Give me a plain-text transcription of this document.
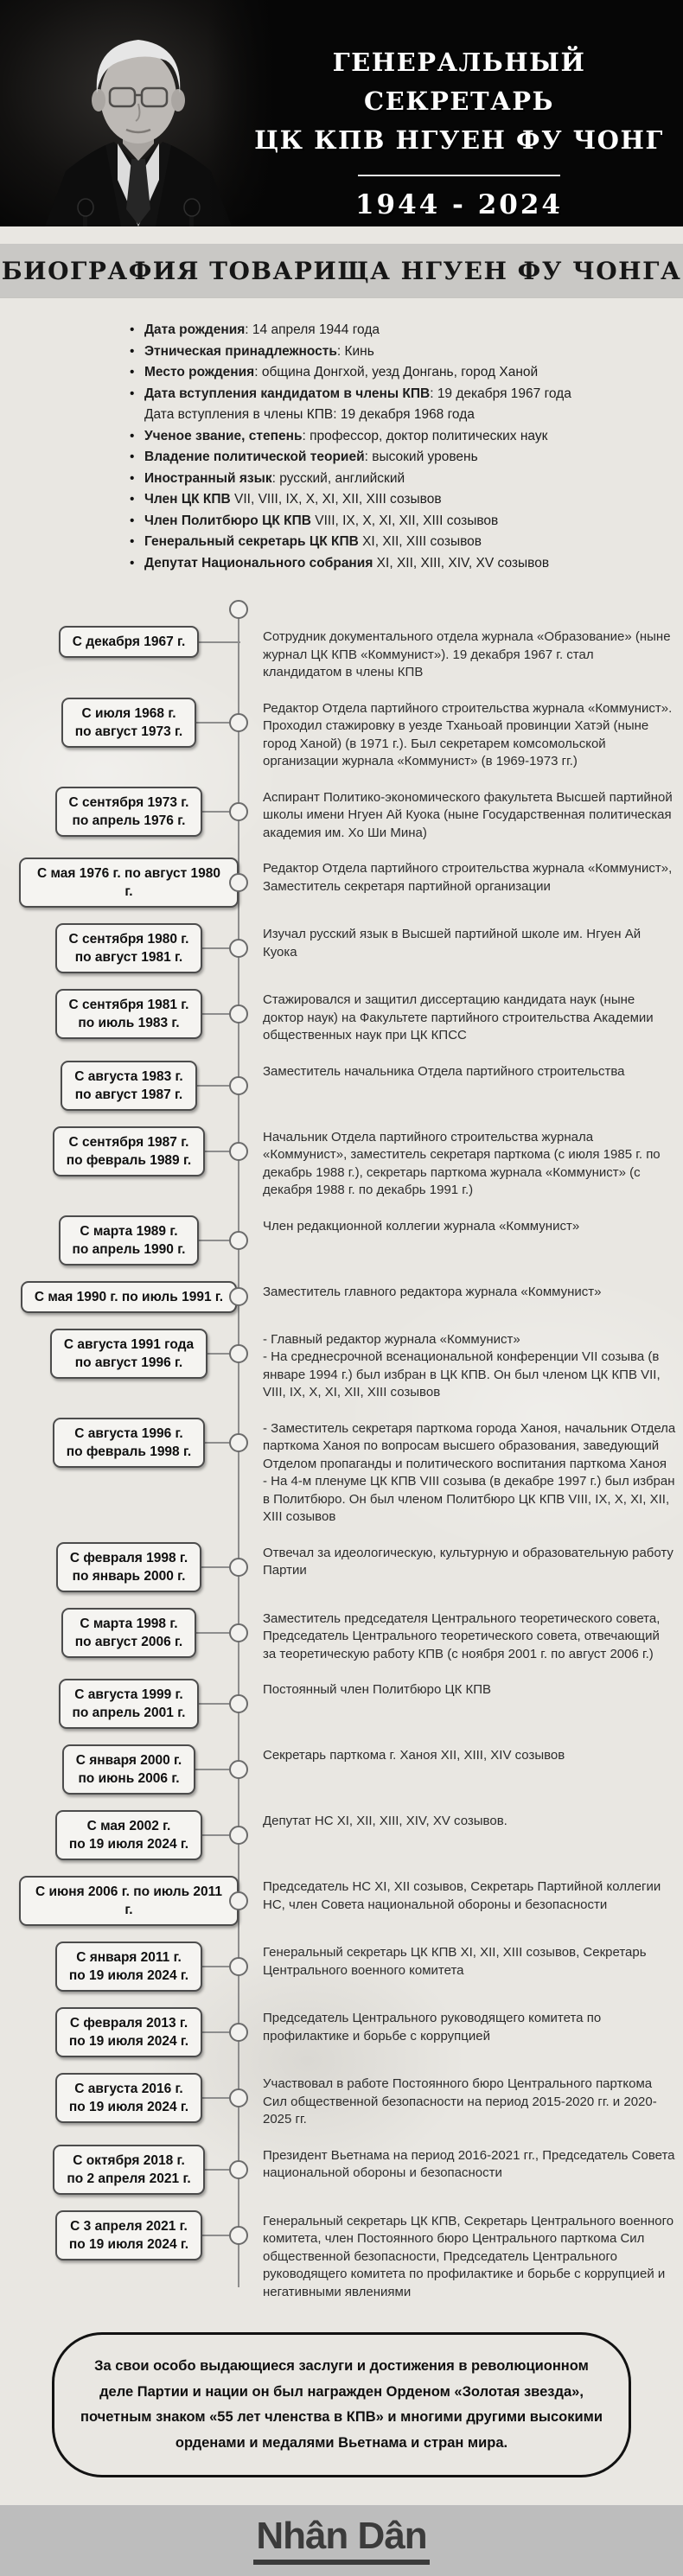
ГЕНЕРАЛЬНЫЙ СЕКРЕТАРЬ
ЦК КПВ НГУЕН ФУ ЧОНГ
1944 - 2024
БИОГРАФИЯ ТОВАРИЩА НГУЕН ФУ ЧОНГА
• Дата рождения: 14 апреля 1944 года
• Этническая принадлежность: Кинь
• Место рождения: община Донгхой, уезд Донгань, город Ханой
• Дата вступления кандидатом в члены КПВ: 19 декабря 1967 года
Дата вступления в члены КПВ: 19 декабря 1968 года
• Ученое звание, степень: профессор, доктор политических наук
• Владение политической теорией: высокий уровень
• Иностранный язык: русский, английский
• Член ЦК КПВ VII, VIII, IX, X, XI, XII, XIII созывов
• Член Политбюро ЦК КПВ VIII, IX, X, XI, XII, XIII созывов
• Генеральный секретарь ЦК КПВ XI, XII, XIII созывов
• Депутат Национального собрания XI, XII, XIII, XIV, XV созывов
С декабря 1967 г.	Сотрудник документального отдела журнала «Образование» (ныне журнал ЦК КПВ «Коммунист»). 19 декабря 1967 г. стал кландидатом в члены КПВ
С июля 1968 г.
по август 1973 г.
Редактор Отдела партийного строительства журнала «Коммунист». Проходил стажировку в уезде Тханьоай провинции Хатэй (ныне город Ханой) (в 1971 г.). Был секретарем комсомольской организации журнала «Коммунист» (в 1969-1973 гг.)
С сентября 1973 г.
по апрель 1976 г.
Аспирант Политико-экономического факультета Высшей партийной школы имени Нгуен Ай Куока (ныне Государственная политическая академия им. Хо Ши Мина)
С мая 1976 г. по август 1980 г.
Редактор Отдела партийного строительства журнала «Коммунист», Заместитель секретаря партийной организации
С сентября 1980 г.
по август 1981 г.
Изучал русский язык в Высшей партийной школе им. Нгуен Ай Куока
С сентября 1981 г.
по июль 1983 г.
Стажировался и защитил диссертацию кандидата наук (ныне доктор наук) на Факультете партийного строительства Академии общественных наук при ЦК КПСС
С августа 1983 г.
по август 1987 г.
Заместитель начальника Отдела партийного строительства
С сентября 1987 г.
по февраль 1989 г.
Начальник Отдела партийного строительства журнала «Коммунист», заместитель секретаря парткома (с июля 1985 г. по декабрь 1988 г.), секретарь парткома журнала «Коммунист» (с декабря 1988 г. по декабрь 1991 г.)
С марта 1989 г.
по апрель 1990 г.
Член редакционной коллегии журнала «Коммунист»
С мая 1990 г. по июль 1991 г.	Заместитель главного редактора журнала «Коммунист»
С августа 1991 года
по август 1996 г.
- Главный редактор журнала «Коммунист»
- На среднесрочной всенациональной конференции VII созыва (в январе 1994 г.) был избран в ЦК КПВ. Он был членом ЦК КПВ VII, VIII, IX, X, XI, XII, XIII созывов
С августа 1996 г.
по февраль 1998 г.
- Заместитель секретаря парткома города Ханоя, начальник Отдела парткома Ханоя по вопросам высшего образования, заведующий Отделом пропаганды и политического воспитания парткома Ханоя
- На 4-м пленуме ЦК КПВ VIII созыва (в декабре 1997 г.) был избран в Политбюро. Он был членом Политбюро ЦК КПВ VIII, IX, X, XI, XII, XIII созывов
С февраля 1998 г.
по январь 2000 г.
Отвечал за идеологическую, культурную и образовательную работу Партии
С марта 1998 г.
по август 2006 г.
Заместитель председателя Центрального теоретического совета, Председатель Центрального теоретического совета, отвечающий за теоретическую работу КПВ (с ноября 2001 г. по август 2006 г.)
С августа 1999 г.
по апрель 2001 г.
Постоянный член Политбюро ЦК КПВ
С января 2000 г.
по июнь 2006 г.
Секретарь парткома г. Ханоя XII, XIII, XIV созывов
С мая 2002 г.
по 19 июля 2024 г.
Депутат НС XI, XII, XIII, XIV, XV созывов.
С июня 2006 г. по июль 2011 г.
Председатель НС XI, XII созывов, Секретарь Партийной коллегии НС, член Совета национальной обороны и безопасности
С января 2011 г.
по 19 июля 2024 г.
Генеральный секретарь ЦК КПВ XI, XII, XIII созывов, Секретарь Центрального военного комитета
С февраля 2013 г.
по 19 июля 2024 г.
Председатель Центрального руководящего комитета по профилактике и борьбе с коррупцией
С августа 2016 г.
по 19 июля 2024 г.
Участвовал в работе Постоянного бюро Центрального парткома Сил общественной безопасности на период 2015-2020 гг. и 2020-2025 гг.
С октября 2018 г.
по 2 апреля 2021 г.
Президент Вьетнама на период 2016-2021 гг., Председатель Совета национальной обороны и безопасности
С 3 апреля 2021 г.
по 19 июля 2024 г.
Генеральный секретарь ЦК КПВ, Секретарь Центрального военного комитета, член Постоянного бюро Центрального парткома Сил общественной безопасности, Председатель Центрального руководящего комитета по профилактике и борьбе с коррупцией и негативными явлениями
За свои особо выдающиеся заслуги и достижения в революционном деле Партии и нации он был награжден Орденом «Золотая звезда», почетным знаком «55 лет членства в КПВ» и многими другими высокими орденами и медалями Вьетнама и стран мира.
Nhân Dân
